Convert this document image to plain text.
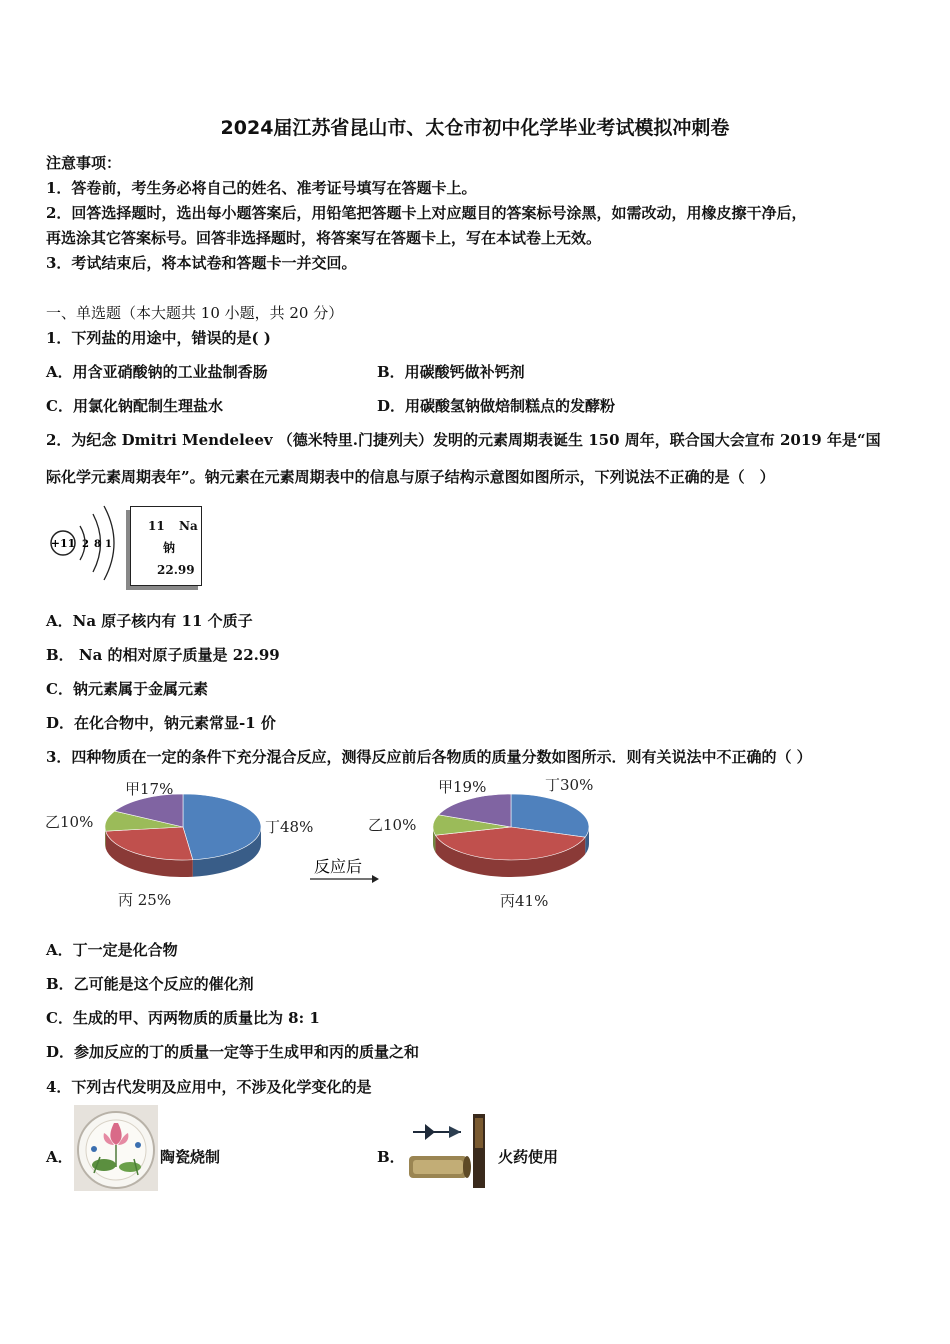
2024届江苏省昆山市、太仓市初中化学毕业考试模拟冲刺卷
注意事项：
1．答卷前，考生务必将自己的姓名、准考证号填写在答题卡上。
2．回答选择题时，选出每小题答案后，用铅笔把答题卡上对应题目的答案标号涂黑，如需改动，用橡皮擦干净后，
再选涂其它答案标号。回答非选择题时，将答案写在答题卡上，写在本试卷上无效。
3．考试结束后，将本试卷和答题卡一并交回。
一、单选题（本大题共 10 小题，共 20 分）
1．下列盐的用途中，错误的是( )
A．用含亚硝酸钠的工业盐制香肠	B．用碳酸钙做补钙剂
C．用氯化钠配制生理盐水	D．用碳酸氢钠做焙制糕点的发酵粉
2．为纪念 Dmitri Mendeleev （德米特里.门捷列夫）发明的元素周期表诞生 150 周年，联合国大会宣布 2019 年是“国
际化学元素周期表年”。钠元素在元素周期表中的信息与原子结构示意图如图所示，下列说法不正确的是（　）
+11 2 8 1
11 Na
钠
22.99
A．Na 原子核内有 11 个质子
B． Na 的相对原子质量是 22.99
C．钠元素属于金属元素
D．在化合物中，钠元素常显-1 价
3．四种物质在一定的条件下充分混合反应，测得反应前后各物质的质量分数如图所示．则有关说法中不正确的（ ）
甲17%
乙10%
丙 25%
丁48%
甲19%
乙10%
丙41%
丁30%
反应后
A．丁一定是化合物
B．乙可能是这个反应的催化剂
C．生成的甲、丙两物质的质量比为 8: 1
D．参加反应的丁的质量一定等于生成甲和丙的质量之和
4．下列古代发明及应用中，不涉及化学变化的是
A．	陶瓷烧制	B．	火药使用
